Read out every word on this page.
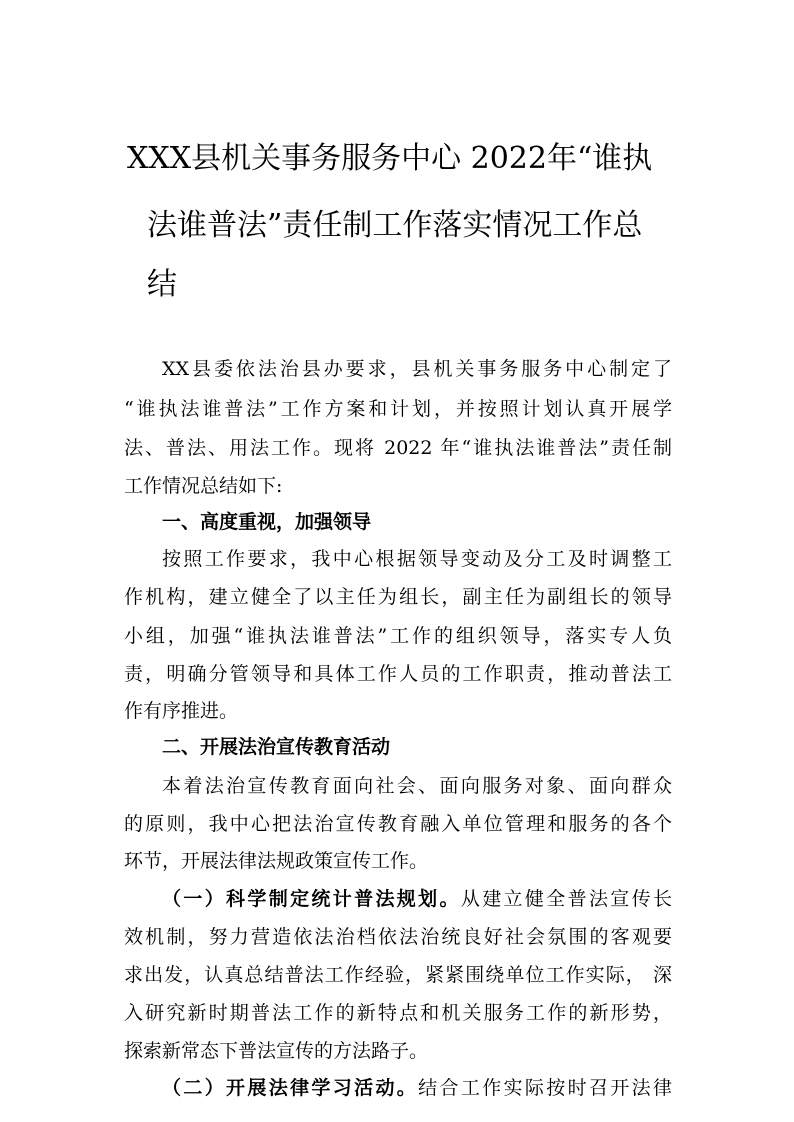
XXX县机关事务服务中心 2022年“谁执
法谁普法”责任制工作落实情况工作总
结
XX县委依法治县办要求，县机关事务服务中心制定了
“谁执法谁普法”工作方案和计划，并按照计划认真开展学
法、普法、用法工作。现将 2022 年“谁执法谁普法”责任制
工作情况总结如下:
一、高度重视，加强领导
按照工作要求，我中心根据领导变动及分工及时调整工
作机构，建立健全了以主任为组长，副主任为副组长的领导
小组，加强“谁执法谁普法”工作的组织领导，落实专人负
责，明确分管领导和具体工作人员的工作职责，推动普法工
作有序推进。
二、开展法治宣传教育活动
本着法治宣传教育面向社会、面向服务对象、面向群众
的原则，我中心把法治宣传教育融入单位管理和服务的各个
环节，开展法律法规政策宣传工作。
（一）科学制定统计普法规划。从建立健全普法宣传长
效机制，努力营造依法治档依法治统良好社会氛围的客观要
求出发，认真总结普法工作经验，紧紧围绕单位工作实际， 深
入研究新时期普法工作的新特点和机关服务工作的新形势，
探索新常态下普法宣传的方法路子。
（二）开展法律学习活动。结合工作实际按时召开法律
